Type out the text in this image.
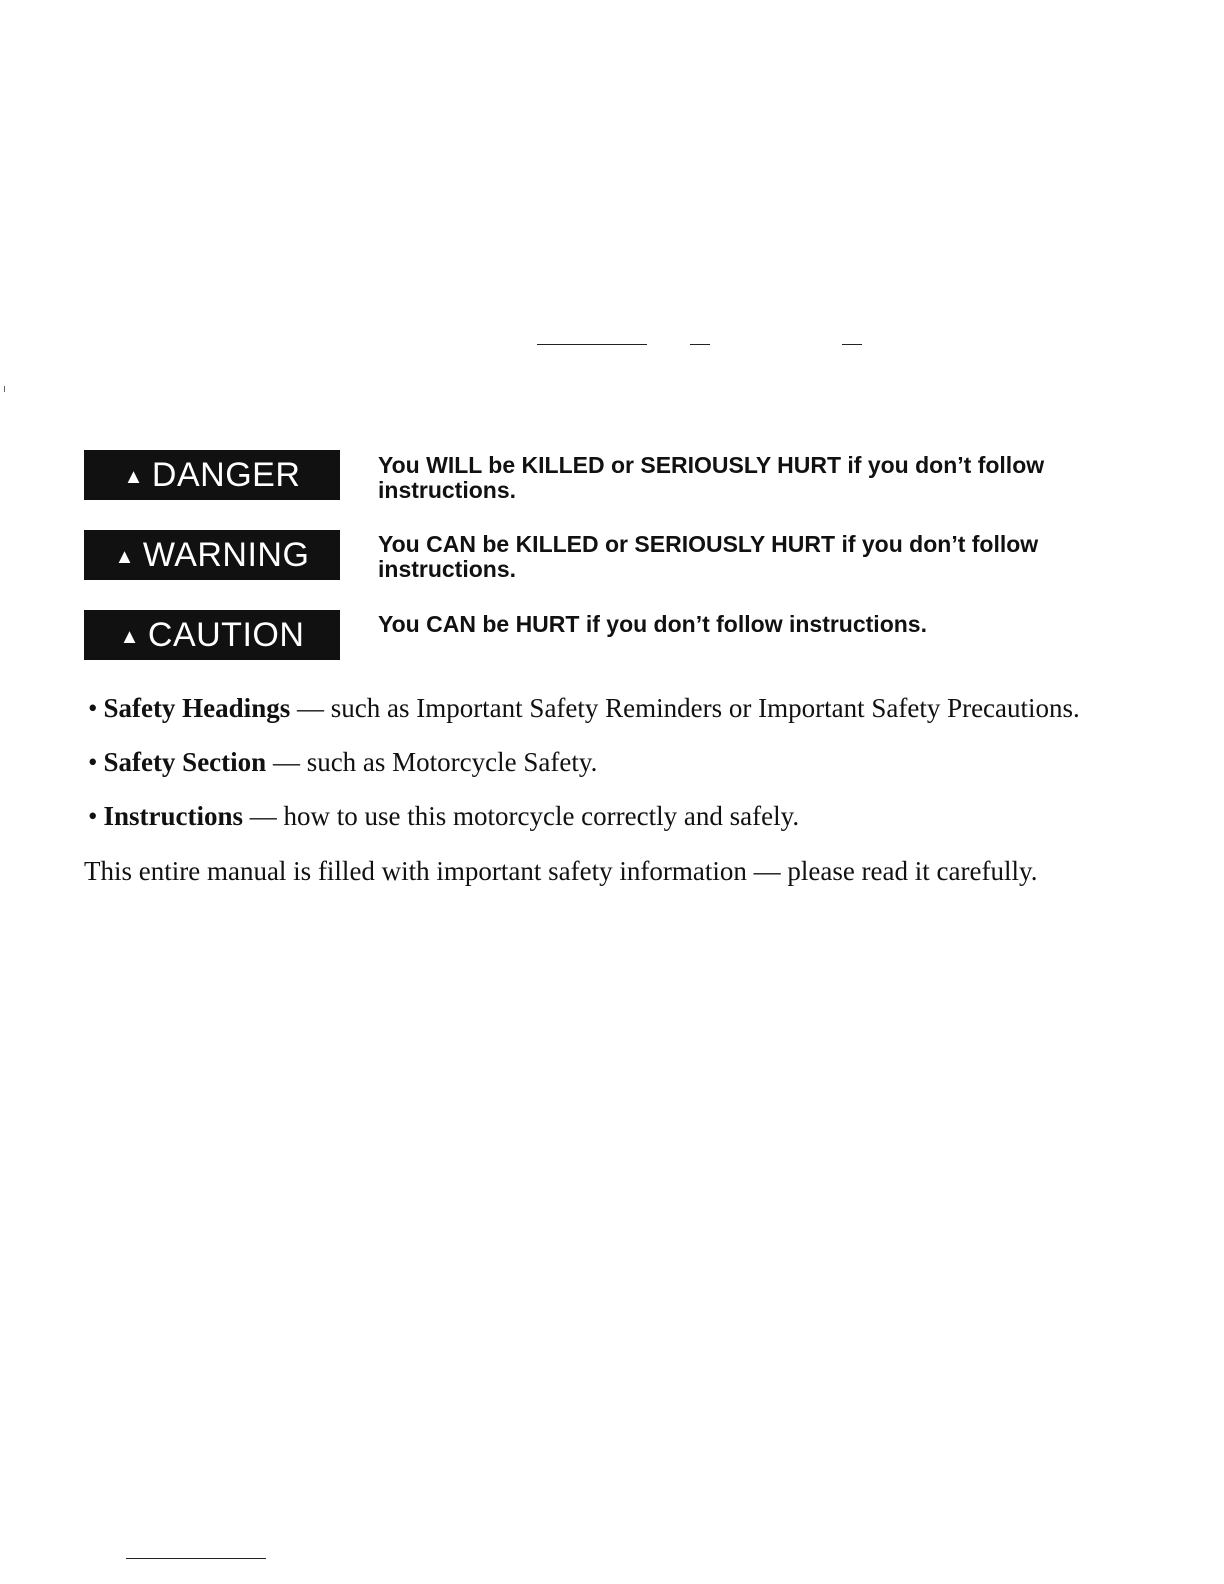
▲ DANGER	You WILL be KILLED or SERIOUSLY HURT if you don’t follow instructions.
▲ WARNING	You CAN be KILLED or SERIOUSLY HURT if you don’t follow instructions.
▲ CAUTION	You CAN be HURT if you don’t follow instructions.
• Safety Headings — such as Important Safety Reminders or Important Safety Precautions.
• Safety Section — such as Motorcycle Safety.
• Instructions — how to use this motorcycle correctly and safely.
This entire manual is filled with important safety information — please read it carefully.
